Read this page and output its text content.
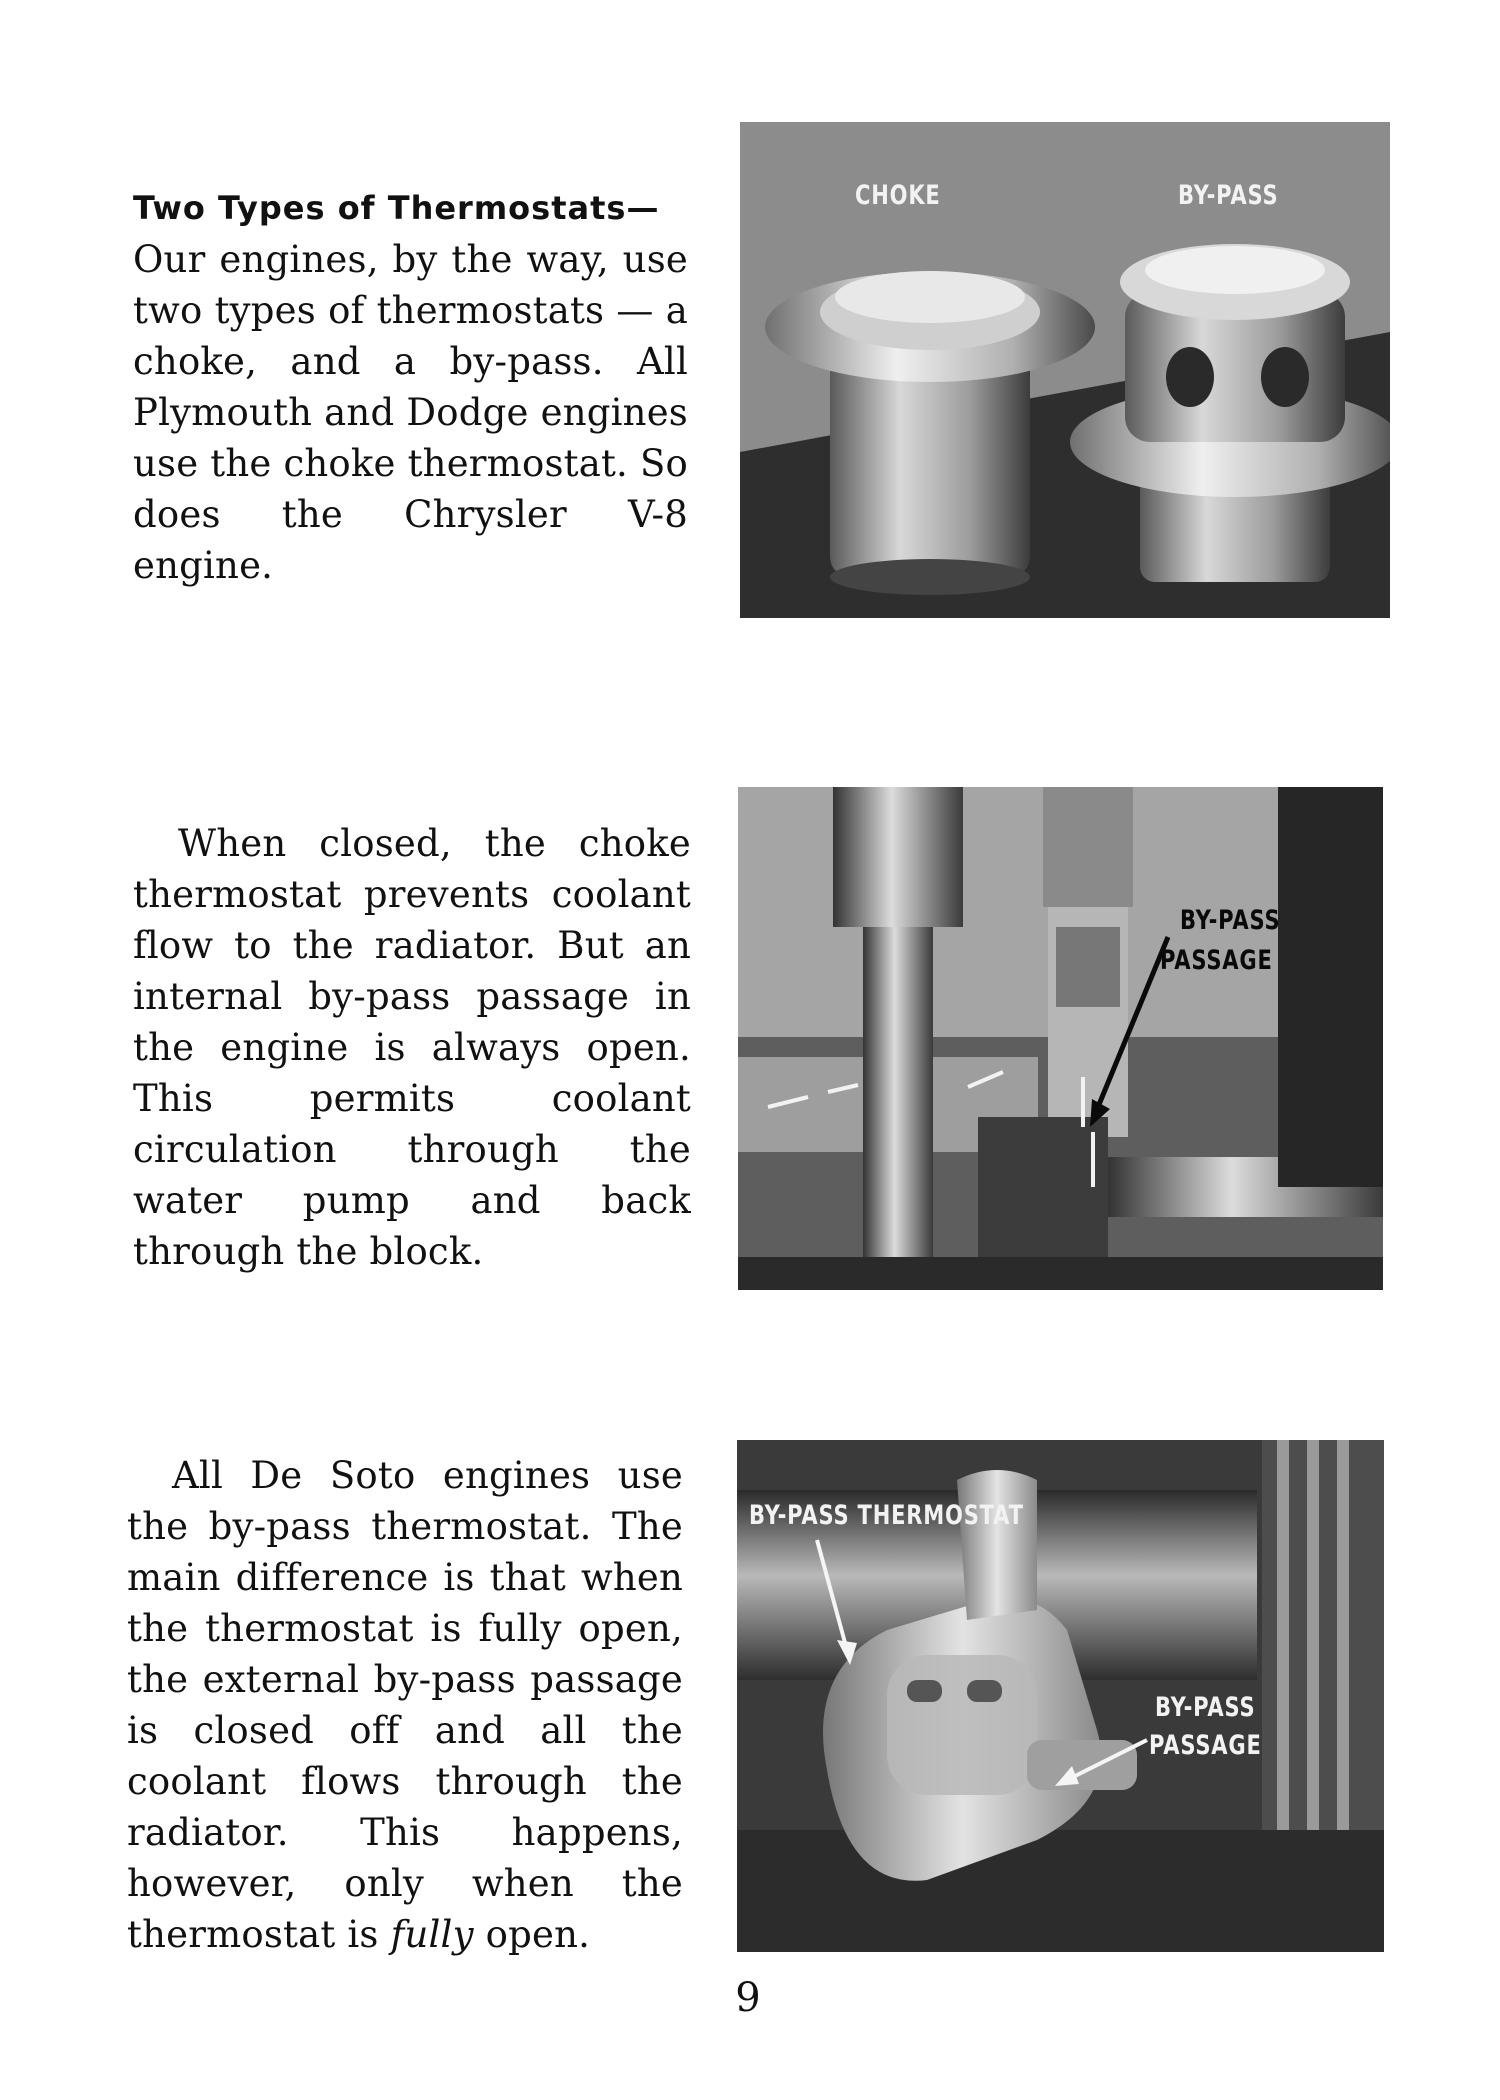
Two Types of Thermostats—
Our engines, by the way, use two types of thermostats — a choke, and a by-pass. All Plymouth and Dodge engines use the choke thermostat. So does the Chrysler V-8 engine.
CHOKE	BY-PASS
When closed, the choke thermostat prevents coolant flow to the radiator. But an internal by-pass passage in the engine is always open. This permits coolant circulation through the water pump and back through the block.
BY-PASS
PASSAGE
All De Soto engines use the by-pass thermostat. The main difference is that when the thermostat is fully open, the external by-pass passage is closed off and all the coolant flows through the radiator. This happens, however, only when the thermostat is fully open.
BY-PASS THERMOSTAT
BY-PASS
PASSAGE
9
